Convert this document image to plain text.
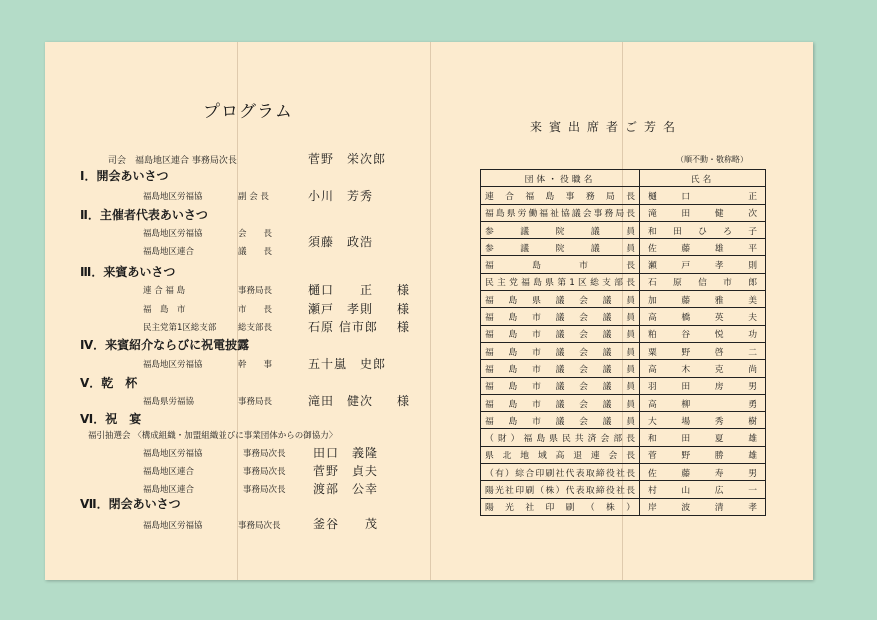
プログラム
司会　福島地区連合 事務局次長	菅野　栄次郎
Ⅰ．開会あいさつ
福島地区労福協	副 会 長	小川　芳秀
Ⅱ．主催者代表あいさつ
福島地区労福協	会　　長
福島地区連合	議　　長
須藤　政浩
Ⅲ．来賓あいさつ
連 合 福 島	事務局長	樋口　　正 様
福　島　市	市　　長	瀬戸　孝則 様
民主党第1区総支部	総支部長	石原 信市郎 様
Ⅳ．来賓紹介ならびに祝電披露
福島地区労福協	幹　　事	五十嵐　史郎
Ⅴ．乾　杯
福島県労福協	事務局長	滝田　健次 様
Ⅵ．祝　宴
福引抽選会 〈構成組織・加盟組織並びに事業団体からの御協力〉
福島地区労福協	事務局次長 田口　義隆
福島地区連合	事務局次長 菅野　貞夫
福島地区連合	事務局次長 渡部　公幸
Ⅶ．閉会あいさつ
福島地区労福協	事務局次長	釜谷　　茂
来賓出席者ご芳名
（順不動・敬称略）
団体・役職名	氏名
連合福島事務局長	樋口　正
福島県労働福祉協議会事務局長	滝田健次
参議院議員	和田ひろ子
参議院議員	佐藤雄平
福島市長	瀬戸孝則
民主党福島県第1区総支部長	石原信市郎
福島県議会議員	加藤雅美
福島市議会議員	高橋英夫
福島市議会議員	粕谷悦功
福島市議会議員	粟野啓二
福島市議会議員	高木克尚
福島市議会議員	羽田房男
福島市議会議員	高柳　勇
福島市議会議員	大場秀樹
（財）福島県民共済会部長	和田夏雄
県北地域高退連会長	菅野勝雄
（有）綜合印刷社代表取締役社長	佐藤寿男
陽光社印刷（株）代表取締役社長	村山広一
陽光社印刷（株）	岸波清孝
